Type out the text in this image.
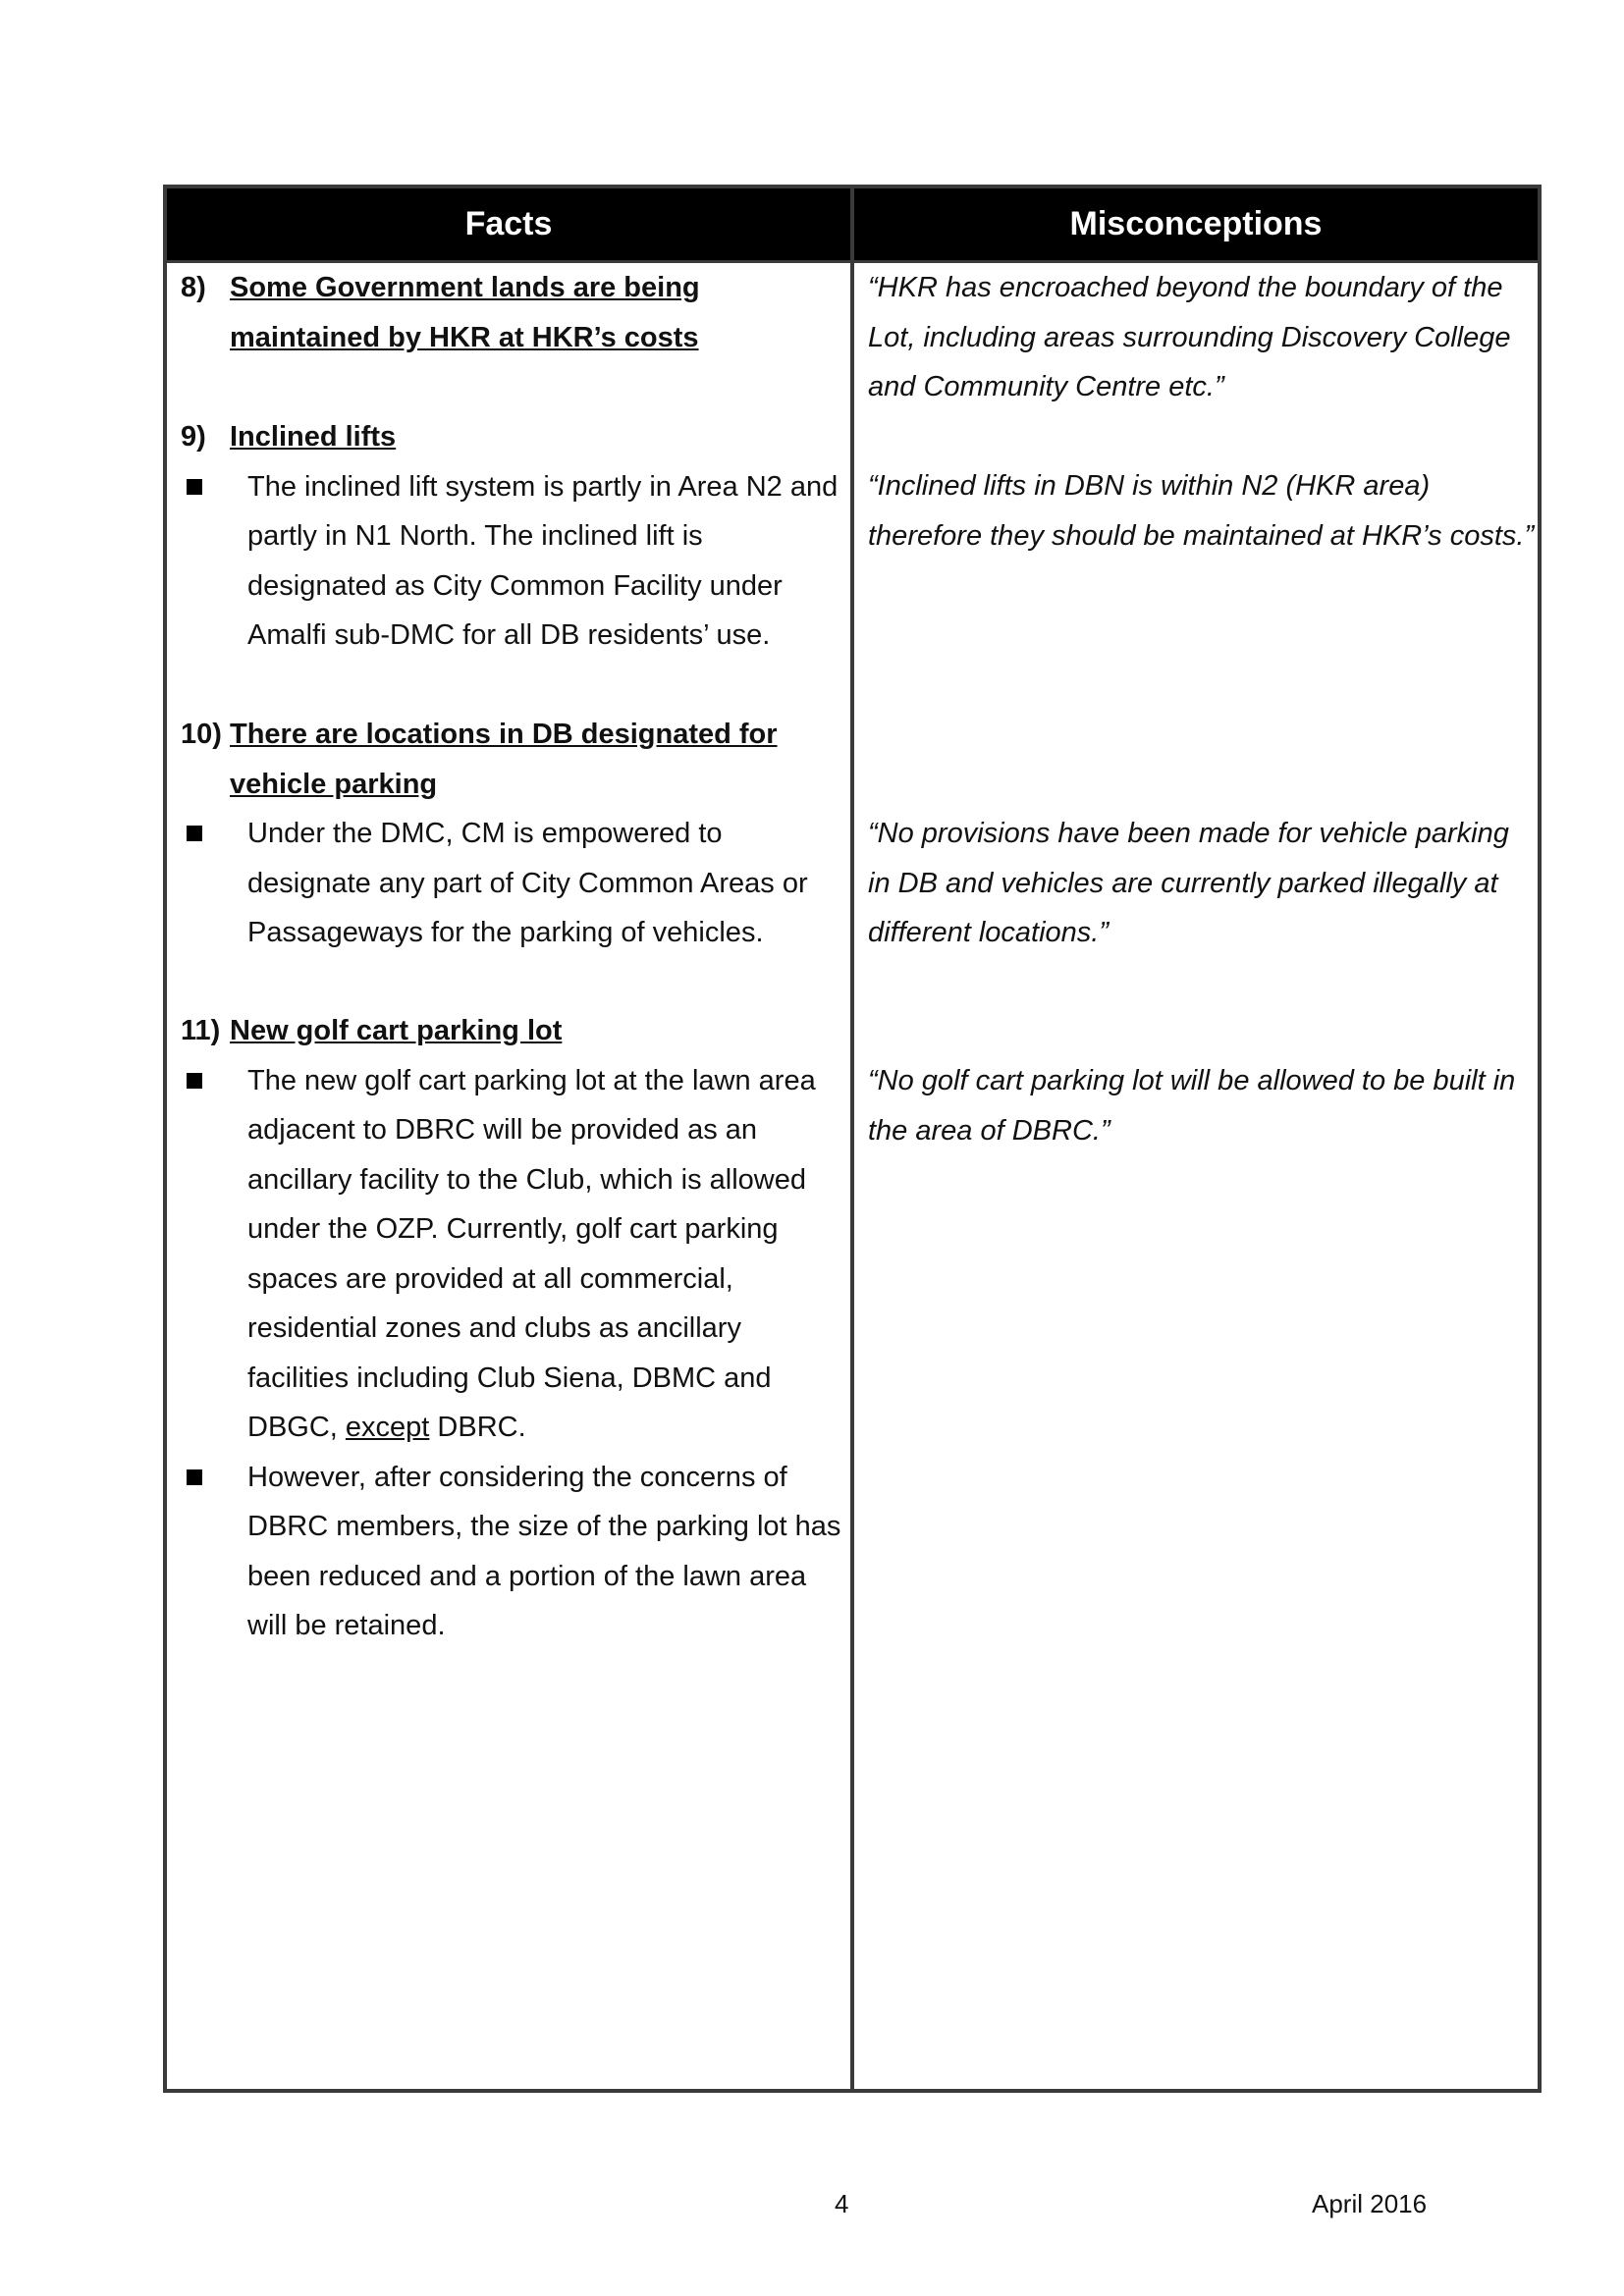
Facts	Misconceptions
8) Some Government lands are being maintained by HKR at HKR’s costs
9) Inclined lifts
The inclined lift system is partly in Area N2 and partly in N1 North. The inclined lift is designated as City Common Facility under Amalfi sub-DMC for all DB residents’ use.
10) There are locations in DB designated for vehicle parking
Under the DMC, CM is empowered to designate any part of City Common Areas or Passageways for the parking of vehicles.
11) New golf cart parking lot
The new golf cart parking lot at the lawn area adjacent to DBRC will be provided as an ancillary facility to the Club, which is allowed under the OZP. Currently, golf cart parking spaces are provided at all commercial, residential zones and clubs as ancillary facilities including Club Siena, DBMC and DBGC, except DBRC.
However, after considering the concerns of DBRC members, the size of the parking lot has been reduced and a portion of the lawn area will be retained.
“HKR has encroached beyond the boundary of the Lot, including areas surrounding Discovery College and Community Centre etc.”
“Inclined lifts in DBN is within N2 (HKR area) therefore they should be maintained at HKR’s costs.”
“No provisions have been made for vehicle parking in DB and vehicles are currently parked illegally at different locations.”
“No golf cart parking lot will be allowed to be built in the area of DBRC.”
4	April 2016
